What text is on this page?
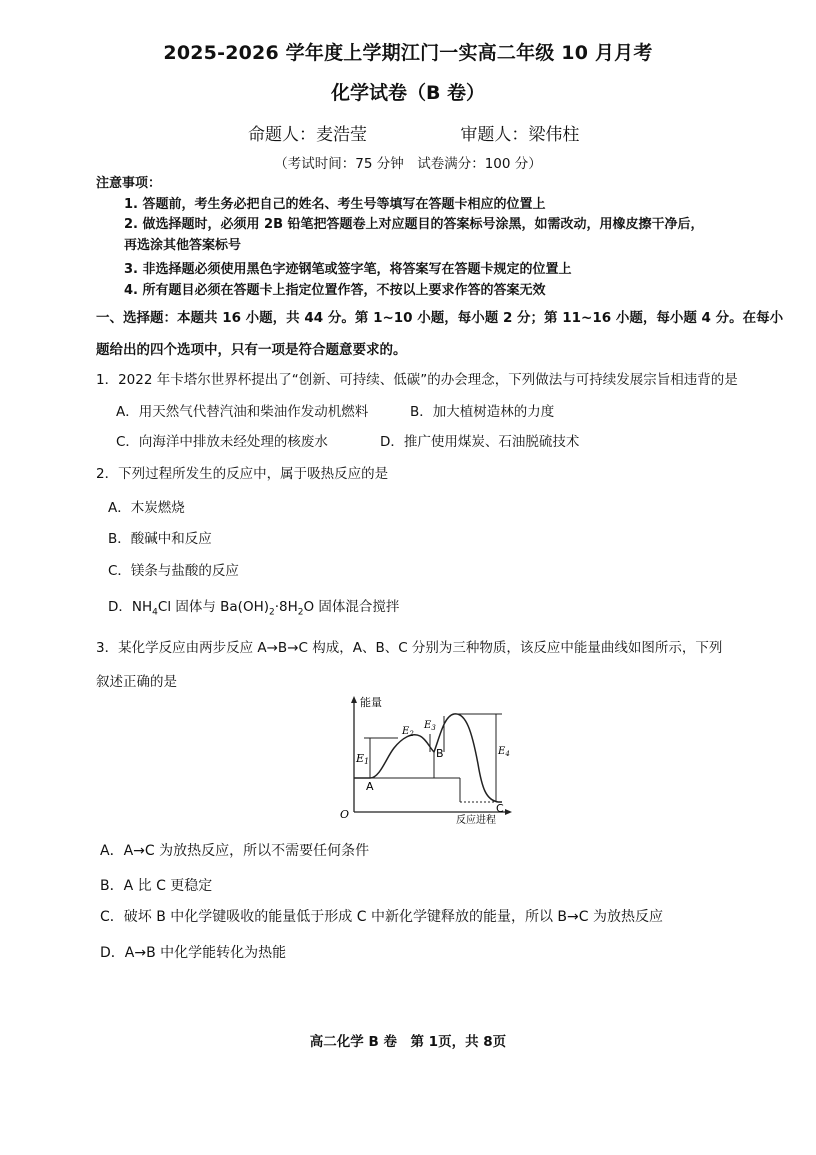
2025-2026 学年度上学期江门一实高二年级 10 月月考
化学试卷（B 卷）
命题人：麦浩莹	审题人：梁伟柱
（考试时间：75 分钟　试卷满分：100 分）
注意事项：
1. 答题前，考生务必把自己的姓名、考生号等填写在答题卡相应的位置上
2. 做选择题时，必须用 2B 铅笔把答题卷上对应题目的答案标号涂黑，如需改动，用橡皮擦干净后，
再选涂其他答案标号
3. 非选择题必须使用黑色字迹钢笔或签字笔，将答案写在答题卡规定的位置上
4. 所有题目必须在答题卡上指定位置作答，不按以上要求作答的答案无效
一、选择题：本题共 16 小题，共 44 分。第 1~10 小题，每小题 2 分；第 11~16 小题，每小题 4 分。在每小
题给出的四个选项中，只有一项是符合题意要求的。
1．2022 年卡塔尔世界杯提出了“创新、可持续、低碳”的办会理念，下列做法与可持续发展宗旨相违背的是
A．用天然气代替汽油和柴油作发动机燃料	B．加大植树造林的力度
C．向海洋中排放未经处理的核废水	D．推广使用煤炭、石油脱硫技术
2．下列过程所发生的反应中，属于吸热反应的是
A．木炭燃烧
B．酸碱中和反应
C．镁条与盐酸的反应
D．$NH_4Cl$ 固体与 $Ba(OH)_2\cdot 8H_2O$ 固体混合搅拌
3．某化学反应由两步反应 A→B→C 构成，A、B、C 分别为三种物质，该反应中能量曲线如图所示，下列
叙述正确的是
能量
反应进程
O
E1
$E_2$
$E_3$
$E_4$
A
B
C
A．A→C 为放热反应，所以不需要任何条件
B．A 比 C 更稳定
C．破坏 B 中化学键吸收的能量低于形成 C 中新化学键释放的能量，所以 B→C 为放热反应
D．A→B 中化学能转化为热能
高二化学 B 卷　第 1页，共 8页
